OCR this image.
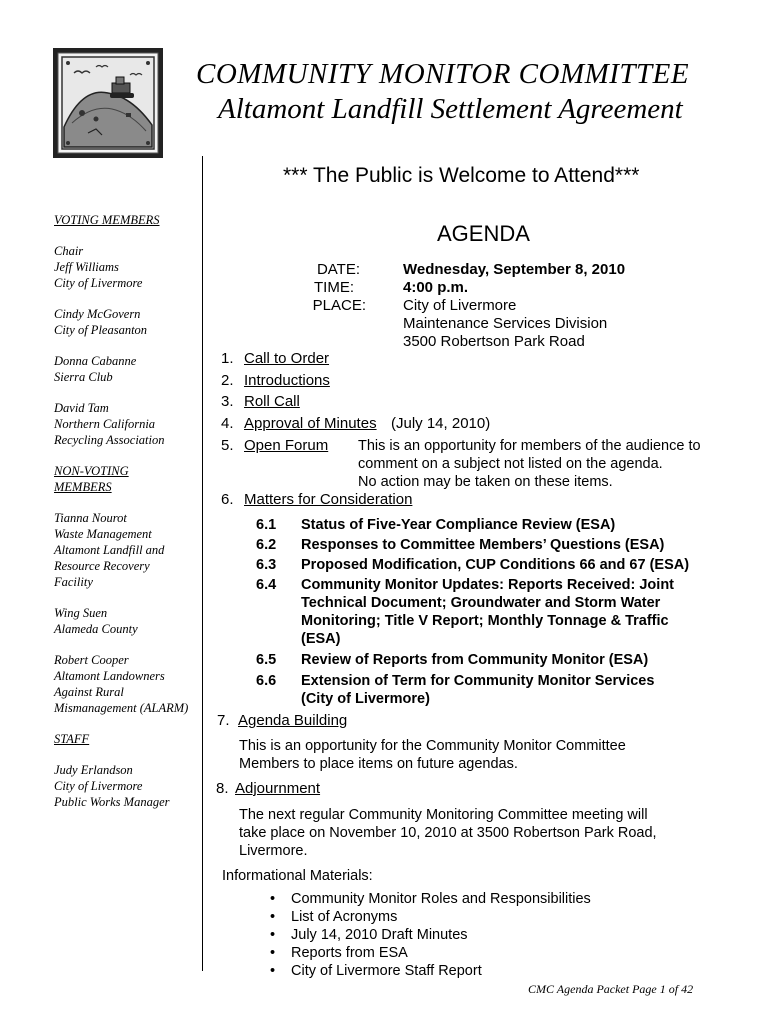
COMMUNITY MONITOR COMMITTEE
Altamont Landfill Settlement Agreement
VOTING MEMBERS
Chair
Jeff Williams
City of Livermore
Cindy McGovern
City of Pleasanton
Donna Cabanne
Sierra Club
David Tam
Northern California
Recycling Association
NON-VOTING
MEMBERS
Tianna Nourot
Waste Management
Altamont Landfill and
Resource Recovery
Facility
Wing Suen
Alameda County
Robert Cooper
Altamont Landowners
Against Rural
Mismanagement (ALARM)
STAFF
Judy Erlandson
City of Livermore
Public Works Manager
*** The Public is Welcome to Attend***
AGENDA
DATE:
TIME:
PLACE:
Wednesday, September 8, 2010
4:00 p.m.
City of Livermore
Maintenance Services Division
3500 Robertson Park Road
1. Call to Order
2. Introductions
3. Roll Call
4. Approval of Minutes (July 14, 2010)
5. Open Forum This is an opportunity for members of the audience to
comment on a subject not listed on the agenda.
No action may be taken on these items.
6. Matters for Consideration
6.1 Status of Five-Year Compliance Review (ESA)
6.2 Responses to Committee Members’ Questions (ESA)
6.3 Proposed Modification, CUP Conditions 66 and 67 (ESA)
6.4 Community Monitor Updates: Reports Received: Joint
Technical Document; Groundwater and Storm Water
Monitoring; Title V Report; Monthly Tonnage & Traffic
(ESA)
6.5 Review of Reports from Community Monitor (ESA)
6.6 Extension of Term for Community Monitor Services
(City of Livermore)
7. Agenda Building
This is an opportunity for the Community Monitor Committee
Members to place items on future agendas.
8. Adjournment
The next regular Community Monitoring Committee meeting will
take place on November 10, 2010 at 3500 Robertson Park Road,
Livermore.
Informational Materials:
• Community Monitor Roles and Responsibilities
• List of Acronyms
• July 14, 2010 Draft Minutes
• Reports from ESA
• City of Livermore Staff Report
CMC Agenda Packet Page 1 of 42
